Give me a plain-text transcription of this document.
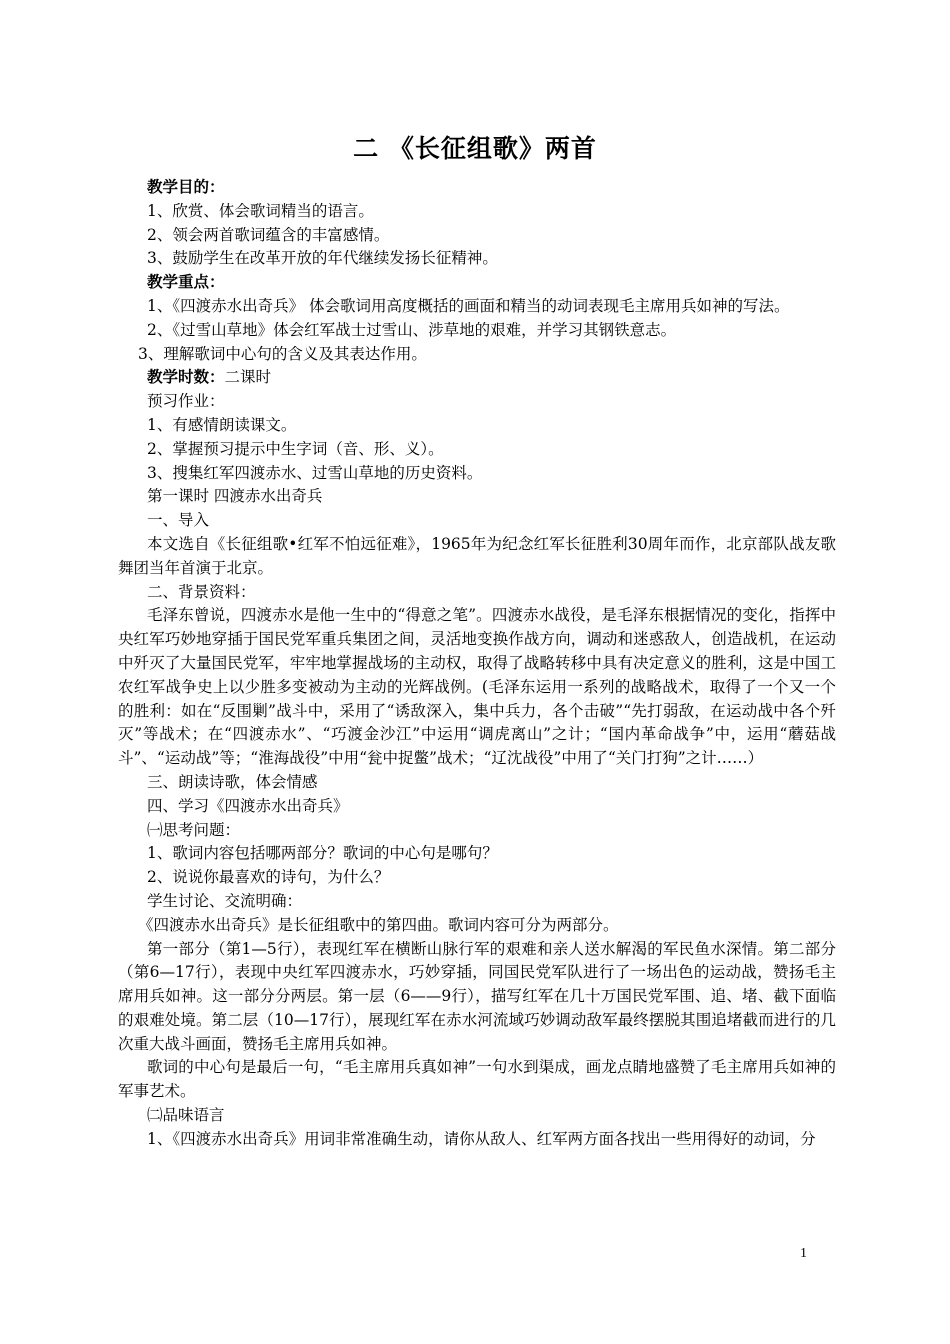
二 《长征组歌》两首

教学目的：

1、欣赏、体会歌词精当的语言。

2、领会两首歌词蕴含的丰富感情。

3、鼓励学生在改革开放的年代继续发扬长征精神。

教学重点：

1、《四渡赤水出奇兵》 体会歌词用高度概括的画面和精当的动词表现毛主席用兵如神的写法。

2、《过雪山草地》体会红军战士过雪山、涉草地的艰难，并学习其钢铁意志。

3、理解歌词中心句的含义及其表达作用。

教学时数：二课时

预习作业：

1、有感情朗读课文。

2、掌握预习提示中生字词（音、形、义）。

3、搜集红军四渡赤水、过雪山草地的历史资料。

第一课时 四渡赤水出奇兵

一、导入

本文选自《长征组歌•红军不怕远征难》，1965年为纪念红军长征胜利30周年而作，北京部队战友歌舞团当年首演于北京。

二、背景资料：

毛泽东曾说，四渡赤水是他一生中的“得意之笔”。四渡赤水战役，是毛泽东根据情况的变化，指挥中央红军巧妙地穿插于国民党军重兵集团之间，灵活地变换作战方向，调动和迷惑敌人，创造战机，在运动中歼灭了大量国民党军，牢牢地掌握战场的主动权，取得了战略转移中具有决定意义的胜利，这是中国工农红军战争史上以少胜多变被动为主动的光辉战例。(毛泽东运用一系列的战略战术，取得了一个又一个的胜利：如在“反围剿”战斗中，采用了“诱敌深入，集中兵力，各个击破”“先打弱敌，在运动战中各个歼灭”等战术；在“四渡赤水”、“巧渡金沙江”中运用“调虎离山”之计；“国内革命战争”中，运用“蘑菇战斗”、“运动战”等；“淮海战役”中用“瓮中捉鳖”战术；“辽沈战役”中用了“关门打狗”之计……）

三、朗读诗歌，体会情感

四、学习《四渡赤水出奇兵》

㈠思考问题：

1、歌词内容包括哪两部分？歌词的中心句是哪句？

2、说说你最喜欢的诗句，为什么？

学生讨论、交流明确：

《四渡赤水出奇兵》是长征组歌中的第四曲。歌词内容可分为两部分。

第一部分（第1—5行），表现红军在横断山脉行军的艰难和亲人送水解渴的军民鱼水深情。第二部分（第6—17行），表现中央红军四渡赤水，巧妙穿插，同国民党军队进行了一场出色的运动战，赞扬毛主席用兵如神。这一部分分两层。第一层（6——9行），描写红军在几十万国民党军围、追、堵、截下面临的艰难处境。第二层（10—17行），展现红军在赤水河流域巧妙调动敌军最终摆脱其围追堵截而进行的几次重大战斗画面，赞扬毛主席用兵如神。

歌词的中心句是最后一句，“毛主席用兵真如神”一句水到渠成，画龙点睛地盛赞了毛主席用兵如神的军事艺术。

㈡品味语言

1、《四渡赤水出奇兵》用词非常准确生动，请你从敌人、红军两方面各找出一些用得好的动词，分

1
